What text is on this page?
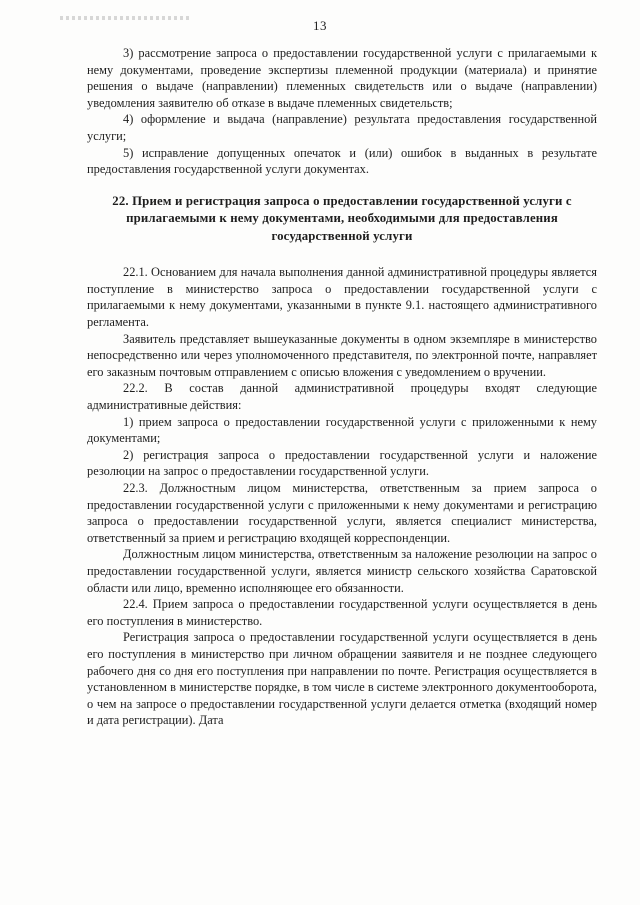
13

3) рассмотрение запроса о предоставлении государственной услуги с прилагаемыми к нему документами, проведение экспертизы племенной продукции (материала) и принятие решения о выдаче (направлении) племенных свидетельств или о выдаче (направлении) уведомления заявителю об отказе в выдаче племенных свидетельств;

4) оформление и выдача (направление) результата предоставления государственной услуги;

5) исправление допущенных опечаток и (или) ошибок в выданных в результате предоставления государственной услуги документах.

22. Прием и регистрация запроса о предоставлении государственной услуги с прилагаемыми к нему документами, необходимыми для предоставления государственной услуги

22.1. Основанием для начала выполнения данной административной процедуры является поступление в министерство запроса о предоставлении государственной услуги с прилагаемыми к нему документами, указанными в пункте 9.1. настоящего административного регламента.

Заявитель представляет вышеуказанные документы в одном экземпляре в министерство непосредственно или через уполномоченного представителя, по электронной почте, направляет его заказным почтовым отправлением с описью вложения с уведомлением о вручении.

22.2. В состав данной административной процедуры входят следующие административные действия:

1) прием запроса о предоставлении государственной услуги с приложенными к нему документами;

2) регистрация запроса о предоставлении государственной услуги и наложение резолюции на запрос о предоставлении государственной услуги.

22.3. Должностным лицом министерства, ответственным за прием запроса о предоставлении государственной услуги с приложенными к нему документами и регистрацию запроса о предоставлении государственной услуги, является специалист министерства, ответственный за прием и регистрацию входящей корреспонденции.

Должностным лицом министерства, ответственным за наложение резолюции на запрос о предоставлении государственной услуги, является министр сельского хозяйства Саратовской области или лицо, временно исполняющее его обязанности.

22.4. Прием запроса о предоставлении государственной услуги осуществляется в день его поступления в министерство.

Регистрация запроса о предоставлении государственной услуги осуществляется в день его поступления в министерство при личном обращении заявителя и не позднее следующего рабочего дня со дня его поступления при направлении по почте. Регистрация осуществляется в установленном в министерстве порядке, в том числе в системе электронного документооборота, о чем на запросе о предоставлении государственной услуги делается отметка (входящий номер и дата регистрации). Дата
